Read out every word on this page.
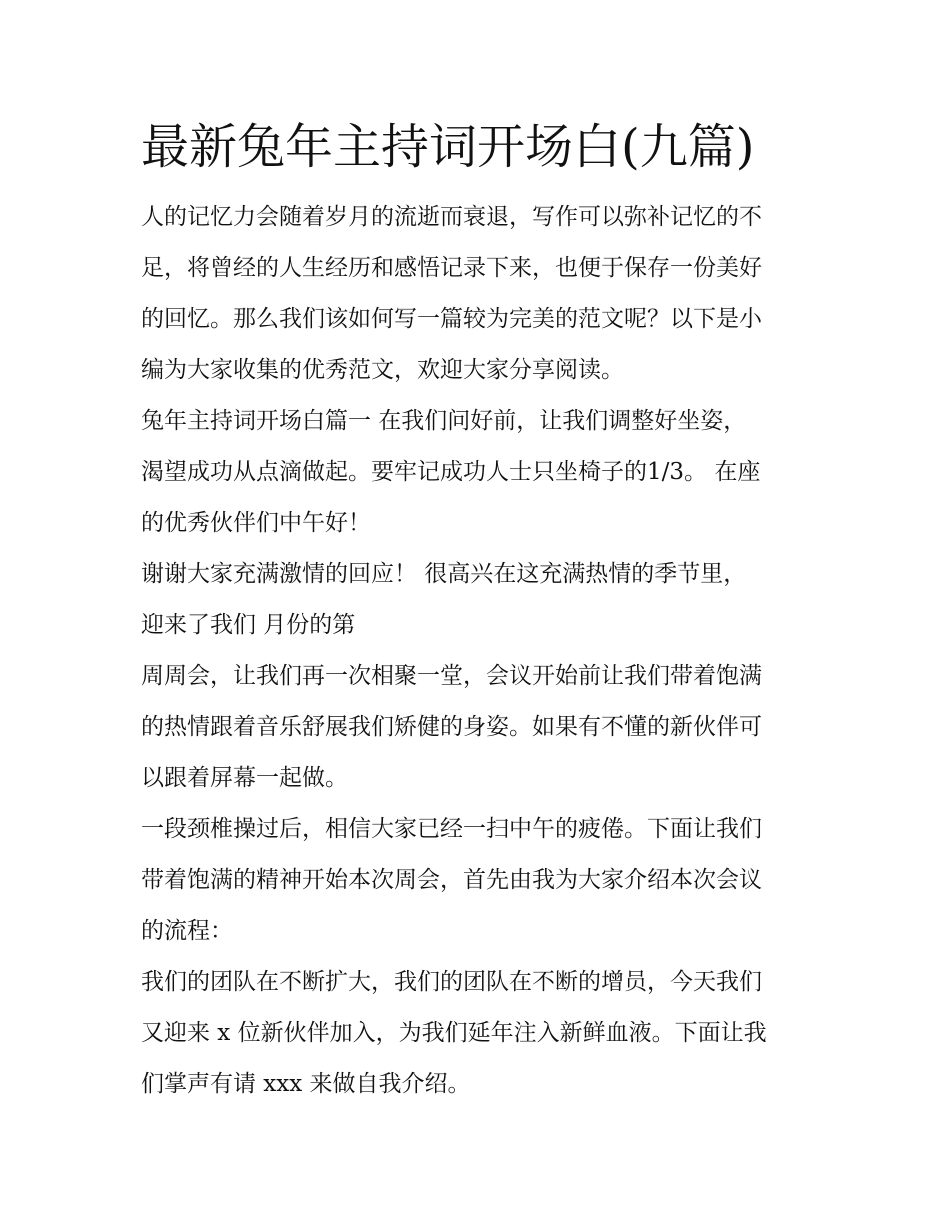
最新兔年主持词开场白(九篇)
人的记忆力会随着岁月的流逝而衰退，写作可以弥补记忆的不
足，将曾经的人生经历和感悟记录下来，也便于保存一份美好
的回忆。那么我们该如何写一篇较为完美的范文呢？以下是小
编为大家收集的优秀范文，欢迎大家分享阅读。
兔年主持词开场白篇一 在我们问好前，让我们调整好坐姿，
渴望成功从点滴做起。要牢记成功人士只坐椅子的1/3。 在座
的优秀伙伴们中午好！
谢谢大家充满激情的回应！ 很高兴在这充满热情的季节里，
迎来了我们 月份的第
周周会，让我们再一次相聚一堂，会议开始前让我们带着饱满
的热情跟着音乐舒展我们矫健的身姿。如果有不懂的新伙伴可
以跟着屏幕一起做。
一段颈椎操过后，相信大家已经一扫中午的疲倦。下面让我们
带着饱满的精神开始本次周会，首先由我为大家介绍本次会议
的流程：
我们的团队在不断扩大，我们的团队在不断的增员，今天我们
又迎来 x 位新伙伴加入，为我们延年注入新鲜血液。下面让我
们掌声有请 xxx 来做自我介绍。
